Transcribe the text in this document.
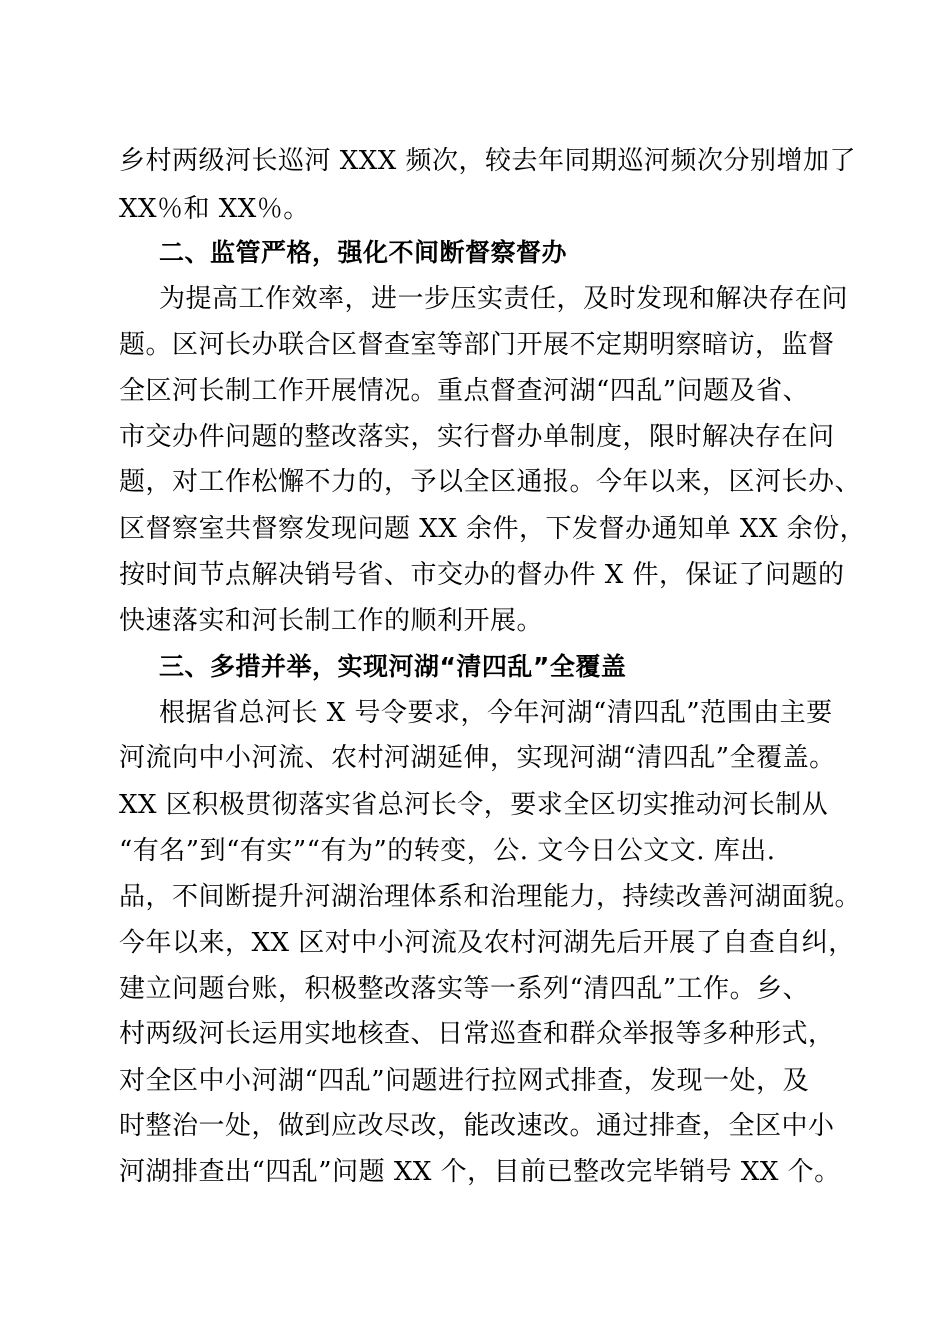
乡村两级河长巡河 XXX 频次，较去年同期巡河频次分别增加了
XX％和 XX％。
二、监管严格，强化不间断督察督办
为提高工作效率，进一步压实责任，及时发现和解决存在问
题。区河长办联合区督查室等部门开展不定期明察暗访，监督
全区河长制工作开展情况。重点督查河湖“四乱”问题及省、
市交办件问题的整改落实，实行督办单制度，限时解决存在问
题，对工作松懈不力的，予以全区通报。今年以来，区河长办、
区督察室共督察发现问题 XX 余件，下发督办通知单 XX 余份，
按时间节点解决销号省、市交办的督办件 X 件，保证了问题的
快速落实和河长制工作的顺利开展。
三、多措并举，实现河湖“清四乱”全覆盖
根据省总河长 X 号令要求，今年河湖“清四乱”范围由主要
河流向中小河流、农村河湖延伸，实现河湖“清四乱”全覆盖。
XX 区积极贯彻落实省总河长令，要求全区切实推动河长制从
“有名”到“有实”“有为”的转变，公. 文今日公文文. 库出.
品，不间断提升河湖治理体系和治理能力，持续改善河湖面貌。
今年以来，XX 区对中小河流及农村河湖先后开展了自查自纠，
建立问题台账，积极整改落实等一系列“清四乱”工作。乡、
村两级河长运用实地核查、日常巡查和群众举报等多种形式，
对全区中小河湖“四乱”问题进行拉网式排查，发现一处，及
时整治一处，做到应改尽改，能改速改。通过排查，全区中小
河湖排查出“四乱”问题 XX 个，目前已整改完毕销号 XX 个。
